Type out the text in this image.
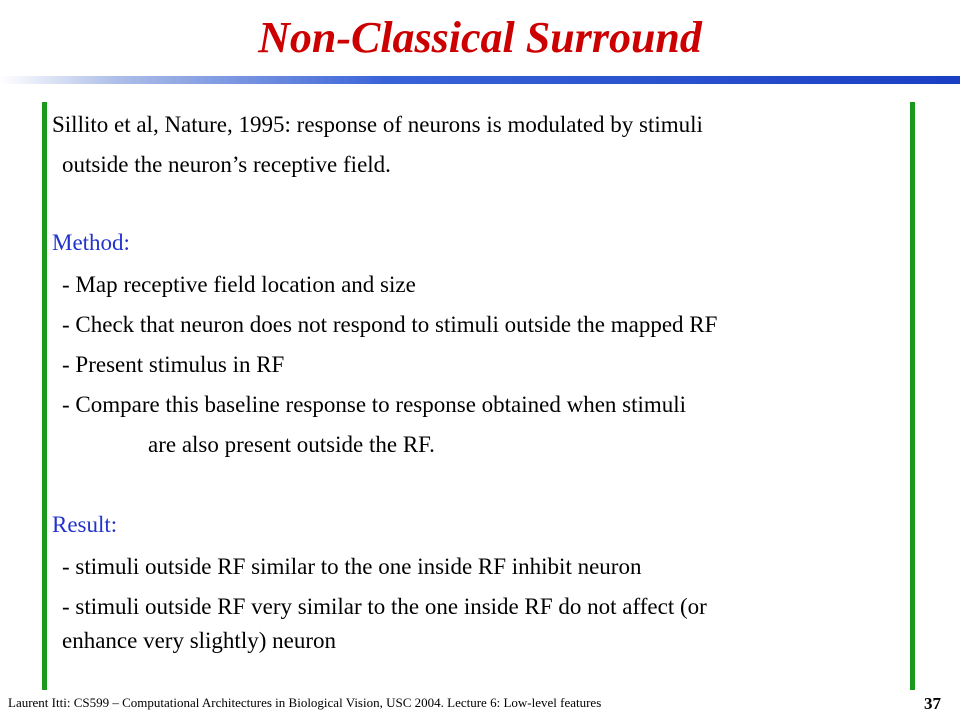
Non-Classical Surround
Sillito et al, Nature, 1995: response of neurons is modulated by stimuli
outside the neuron’s receptive field.
Method:
- Map receptive field location and size
- Check that neuron does not respond to stimuli outside the mapped RF
- Present stimulus in RF
- Compare this baseline response to response obtained when stimuli
are also present outside the RF.
Result:
- stimuli outside RF similar to the one inside RF inhibit neuron
- stimuli outside RF very similar to the one inside RF do not affect (or
enhance very slightly) neuron
Laurent Itti: CS599 – Computational Architectures in Biological Vision, USC 2004. Lecture 6: Low-level features	37
